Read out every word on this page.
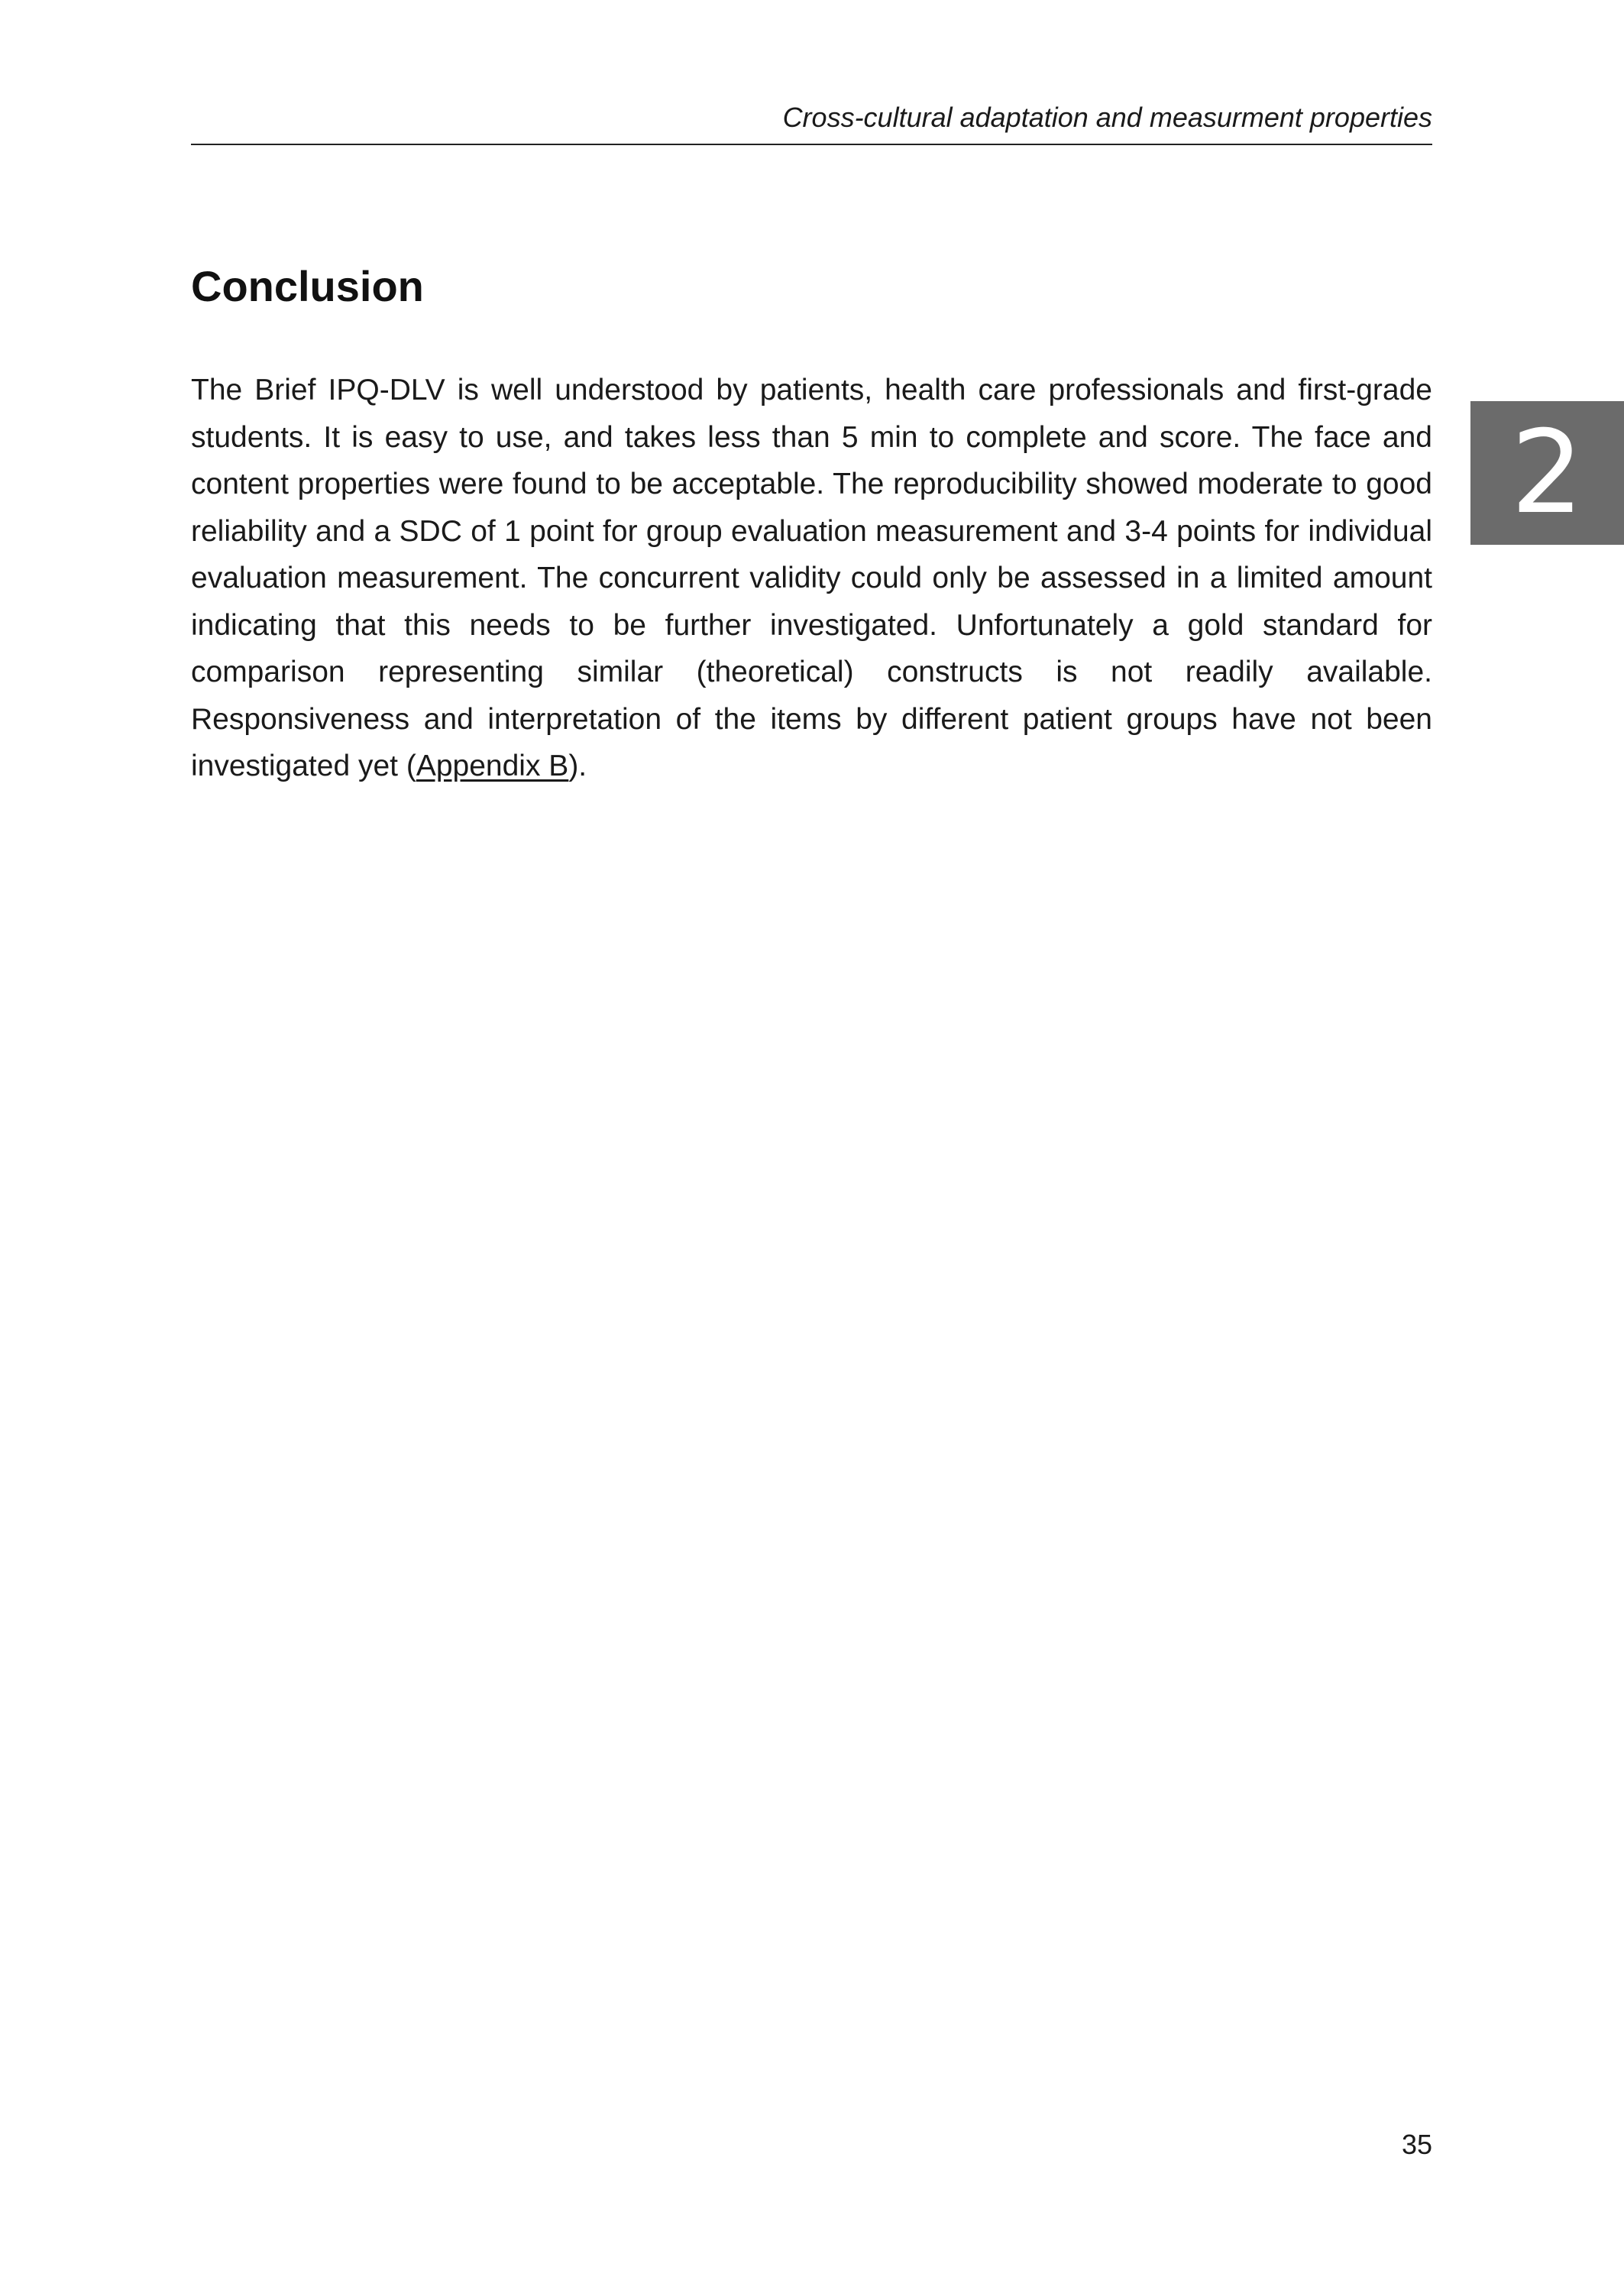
Cross-cultural adaptation and measurment properties
Conclusion

The Brief IPQ-DLV is well understood by patients, health care professionals and first-grade students. It is easy to use, and takes less than 5 min to complete and score. The face and content properties were found to be acceptable. The reproducibility showed moderate to good reliability and a SDC of 1 point for group evaluation measurement and 3-4 points for individual evaluation measurement. The concurrent validity could only be assessed in a limited amount indicating that this needs to be further investigated. Unfortunately a gold standard for comparison representing similar (theoretical) constructs is not readily available. Responsiveness and interpretation of the items by different patient groups have not been investigated yet (Appendix B).

2
35
